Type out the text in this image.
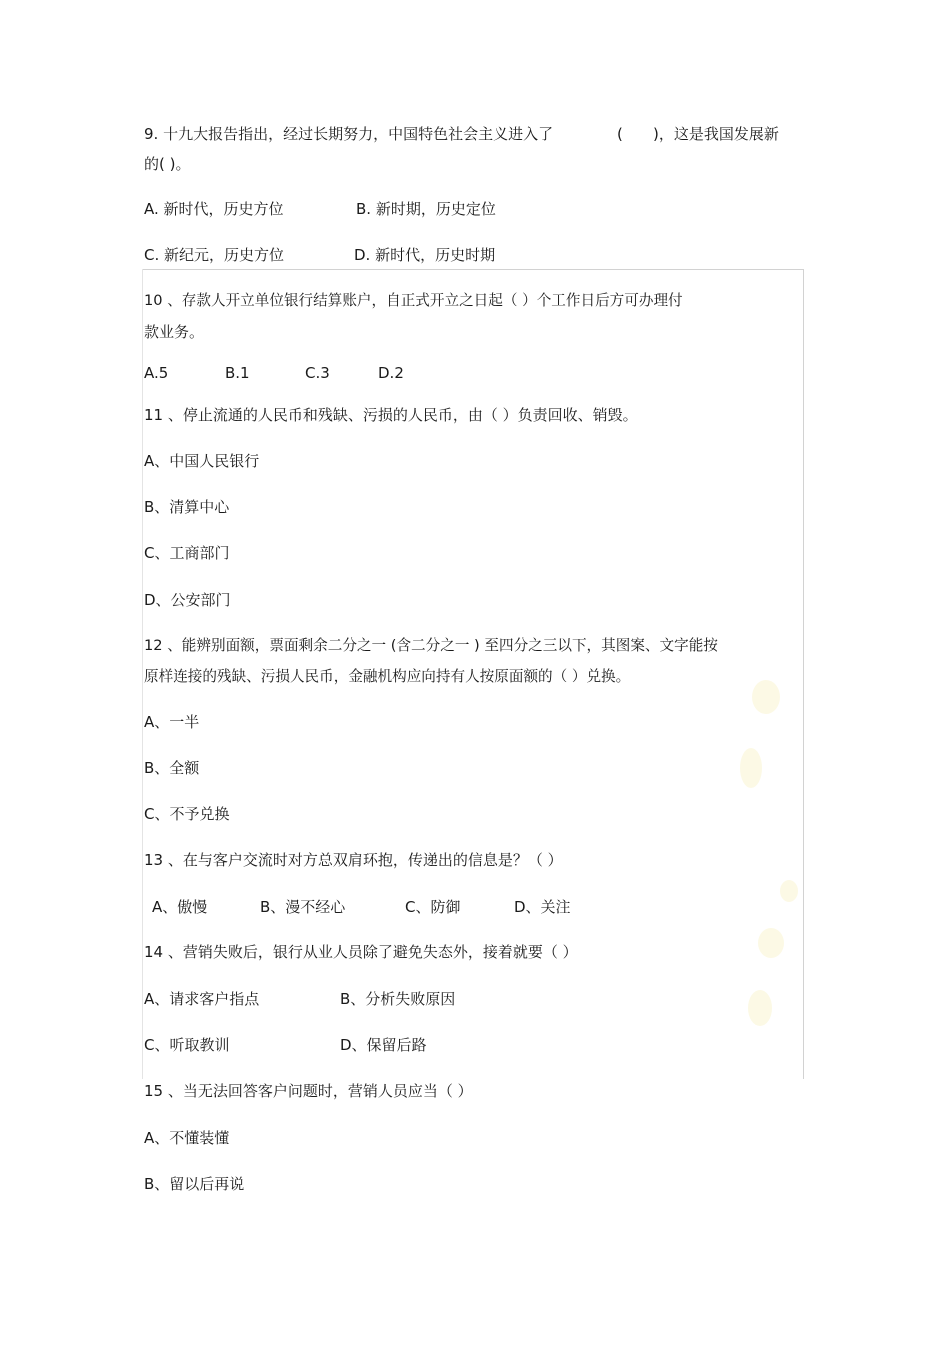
9. 十九大报告指出，经过长期努力，中国特色社会主义进入了	( )，这是我国发展新
的( )。
A. 新时代，历史方位	B. 新时期，历史定位
C. 新纪元，历史方位	D. 新时代，历史时期
10 、存款人开立单位银行结算账户，自正式开立之日起（ ）个工作日后方可办理付
款业务。
A.5	B.1	C.3	D.2
11 、停止流通的人民币和残缺、污损的人民币，由（ ）负责回收、销毁。
A、中国人民银行
B、清算中心
C、工商部门
D、公安部门
12 、能辨别面额，票面剩余二分之一 (含二分之一 ) 至四分之三以下，其图案、文字能按
原样连接的残缺、污损人民币，金融机构应向持有人按原面额的（ ）兑换。
A、一半
B、全额
C、不予兑换
13 、在与客户交流时对方总双肩环抱，传递出的信息是？（ ）
A、傲慢	B、漫不经心	C、防御	D、关注
14 、营销失败后，银行从业人员除了避免失态外，接着就要（ ）
A、请求客户指点	B、分析失败原因
C、听取教训	D、保留后路
15 、当无法回答客户问题时，营销人员应当（ ）
A、不懂装懂
B、留以后再说
